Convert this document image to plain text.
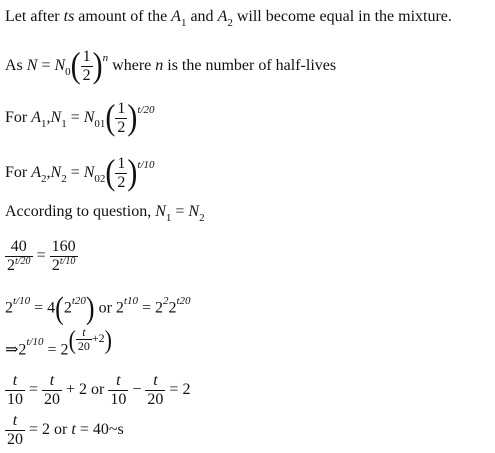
Let after ts amount of the $A_1$ and $A_2$ will become equal in the mixture.
As $N = N_0( \frac{1}{2} )^n$ where n is the number of half-lives
For $A_1,N_1 = N_{01}( \frac{1}{2} )^{t/20}$
For $A_2,N_2 = N_{02}( \frac{1}{2} )^{t/10}$
According to question, $N_1 = N_2$
$\frac{40}{2^{t/20}} = \frac{160}{2^{t/10}}$
$2^{t/10} = 4(2^{t20})$ or $2^{t10} = 2^22^{t20}$
$\Rightarrow 2^{t/10} = 2^{( \frac{t}{20} +2)}$
$\frac{t}{10} = \frac{t}{20} + 2$ or $\frac{t}{10} - \frac{t}{20} = 2$
$\frac{t}{20} = 2$ or t = 40~s
